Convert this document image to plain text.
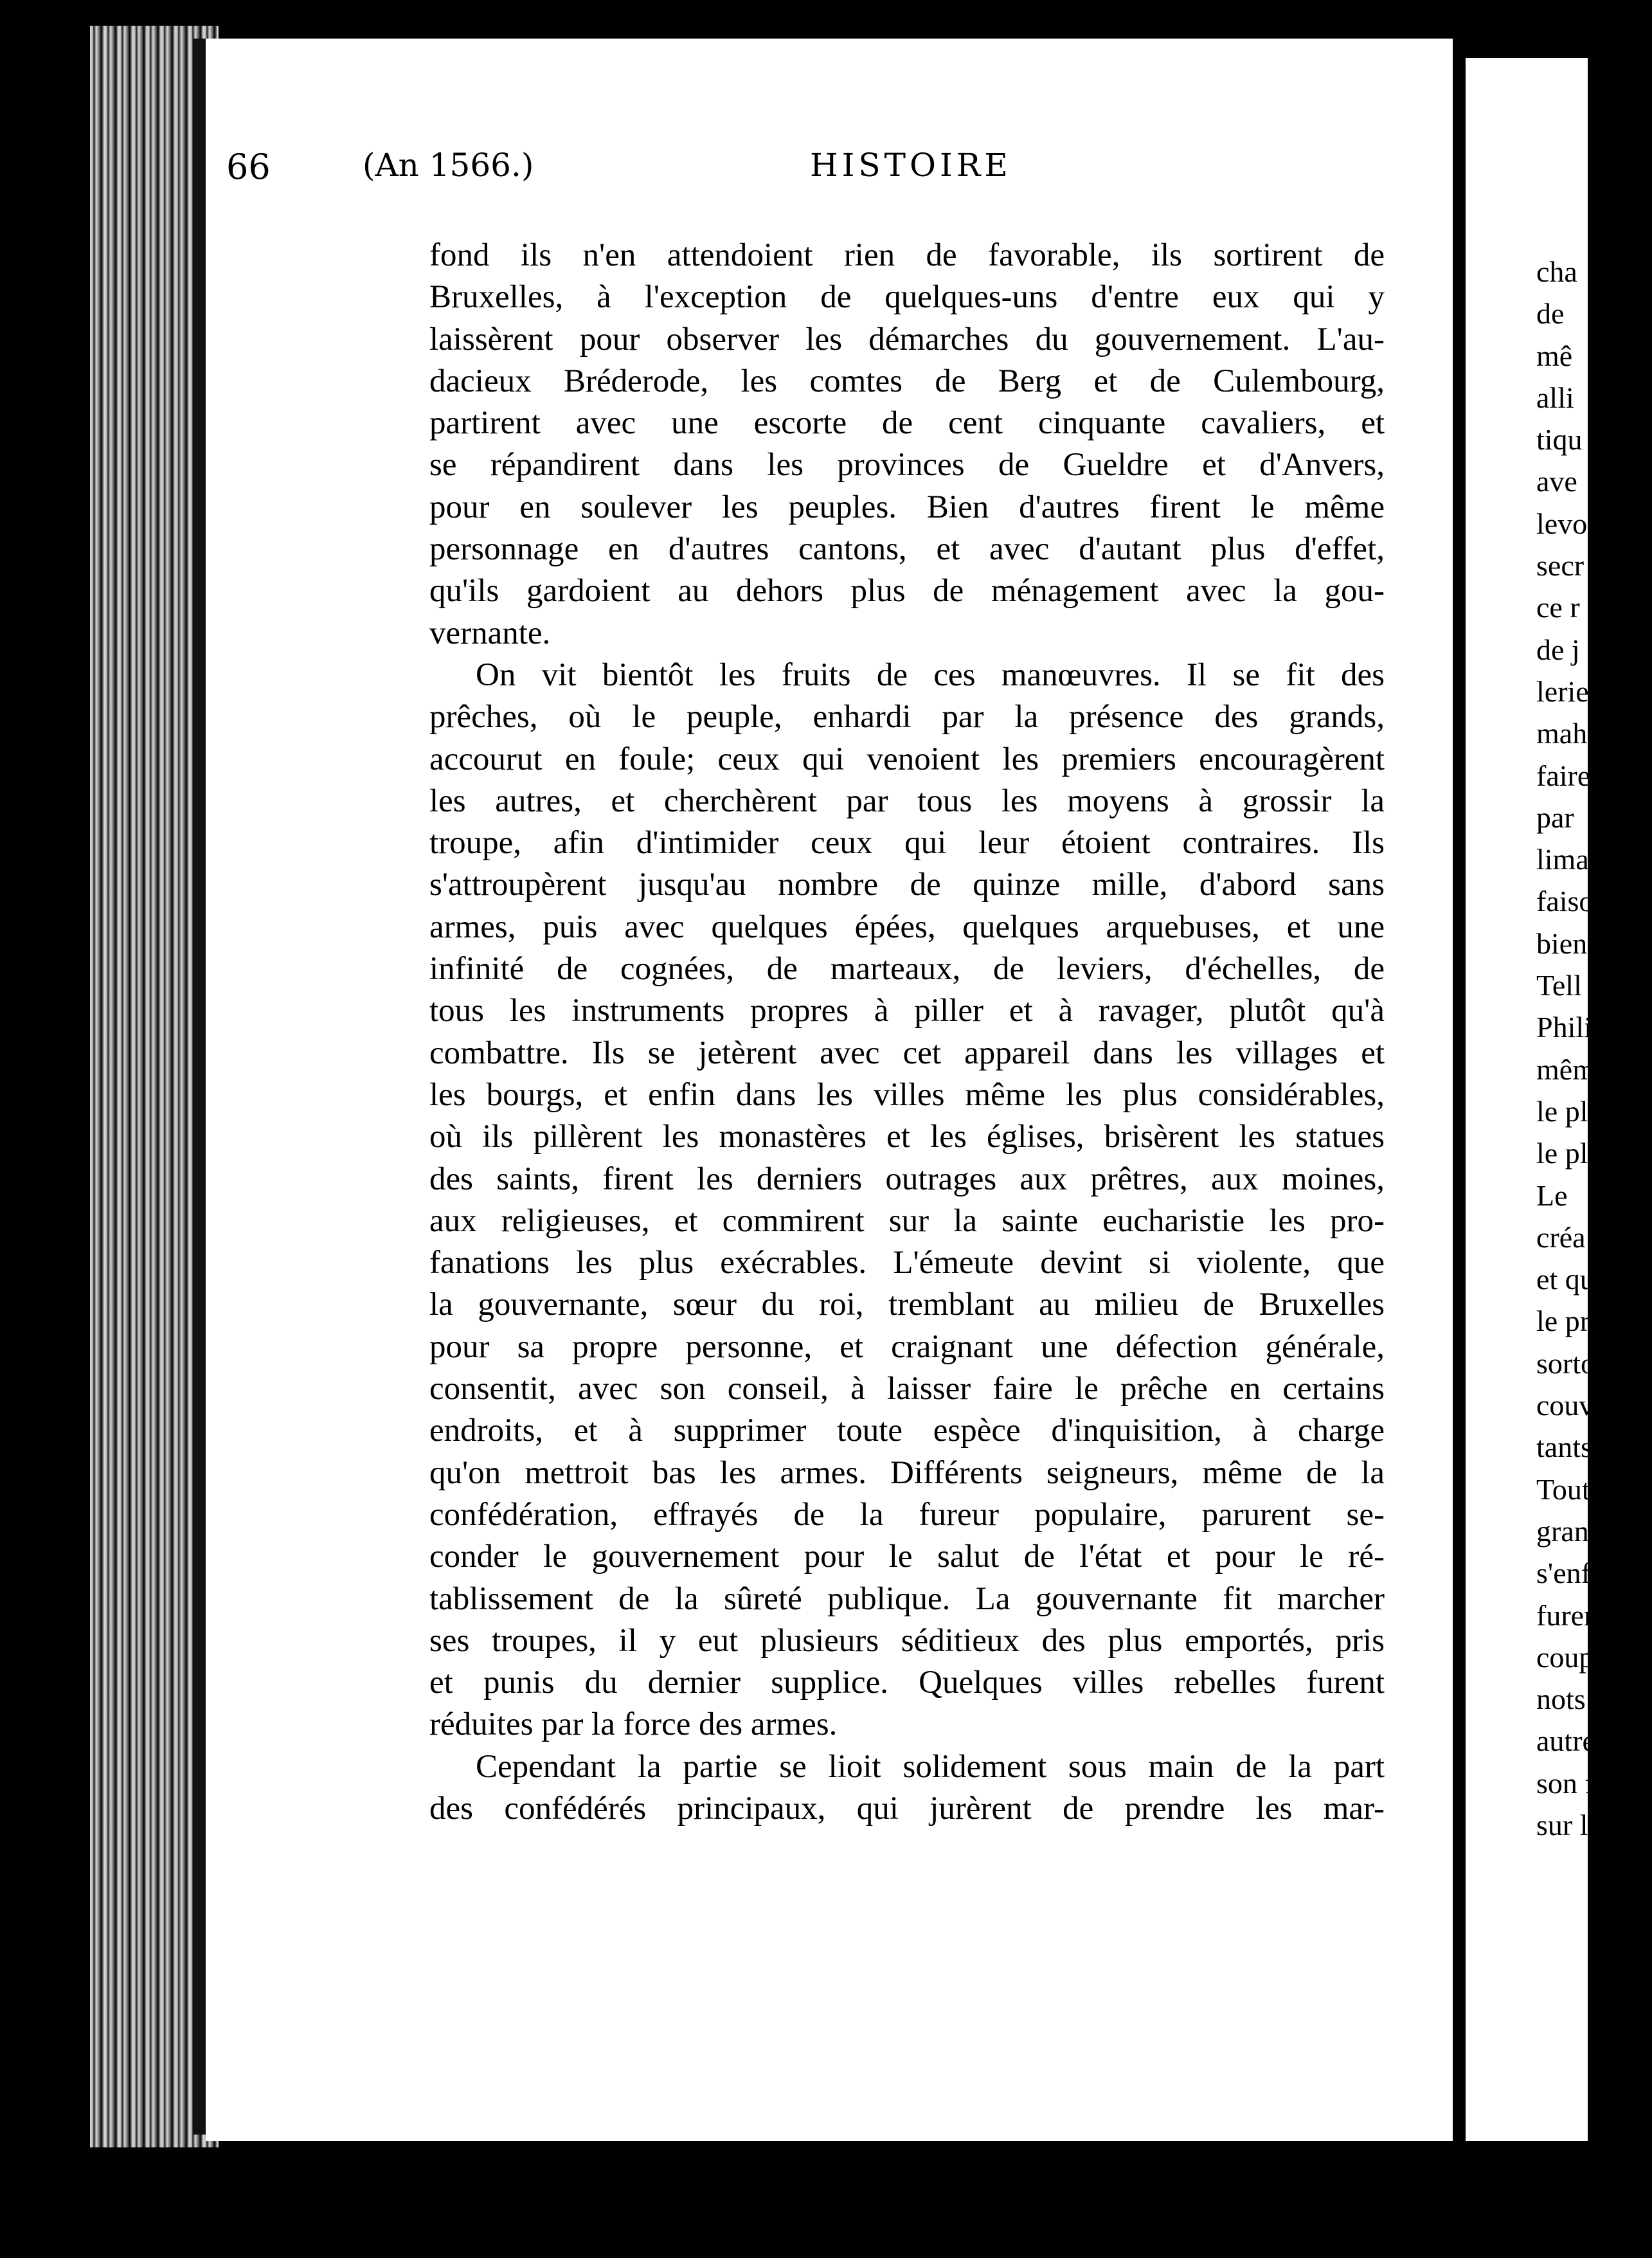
66	(An 1566.)	HISTOIRE
fond ils n'en attendoient rien de favorable, ils sortirent de
Bruxelles, à l'exception de quelques-uns d'entre eux qui y
laissèrent pour observer les démarches du gouvernement. L'au-
dacieux Bréderode, les comtes de Berg et de Culembourg,
partirent avec une escorte de cent cinquante cavaliers, et
se répandirent dans les provinces de Gueldre et d'Anvers,
pour en soulever les peuples. Bien d'autres firent le même
personnage en d'autres cantons, et avec d'autant plus d'effet,
qu'ils gardoient au dehors plus de ménagement avec la gou-
vernante.
On vit bientôt les fruits de ces manœuvres. Il se fit des
prêches, où le peuple, enhardi par la présence des grands,
accourut en foule; ceux qui venoient les premiers encouragèrent
les autres, et cherchèrent par tous les moyens à grossir la
troupe, afin d'intimider ceux qui leur étoient contraires. Ils
s'attroupèrent jusqu'au nombre de quinze mille, d'abord sans
armes, puis avec quelques épées, quelques arquebuses, et une
infinité de cognées, de marteaux, de leviers, d'échelles, de
tous les instruments propres à piller et à ravager, plutôt qu'à
combattre. Ils se jetèrent avec cet appareil dans les villages et
les bourgs, et enfin dans les villes même les plus considérables,
où ils pillèrent les monastères et les églises, brisèrent les statues
des saints, firent les derniers outrages aux prêtres, aux moines,
aux religieuses, et commirent sur la sainte eucharistie les pro-
fanations les plus exécrables. L'émeute devint si violente, que
la gouvernante, sœur du roi, tremblant au milieu de Bruxelles
pour sa propre personne, et craignant une défection générale,
consentit, avec son conseil, à laisser faire le prêche en certains
endroits, et à supprimer toute espèce d'inquisition, à charge
qu'on mettroit bas les armes. Différents seigneurs, même de la
confédération, effrayés de la fureur populaire, parurent se-
conder le gouvernement pour le salut de l'état et pour le ré-
tablissement de la sûreté publique. La gouvernante fit marcher
ses troupes, il y eut plusieurs séditieux des plus emportés, pris
et punis du dernier supplice. Quelques villes rebelles furent
réduites par la force des armes.
Cependant la partie se lioit solidement sous main de la part
des confédérés principaux, qui jurèrent de prendre les mar-
cha
de
mê
alli
tiqu
ave
levo
secr
ce r
de j
lerie
mah
faire
par
lima
faiso
bien
Tell
Phili
mêm
le plu
le plu
Le
créa
et qu
le pro
sortoi
couvr
tants
Tout
grand
s'enfu
furent
coupa
nots d
autres
son frè
sur leu
